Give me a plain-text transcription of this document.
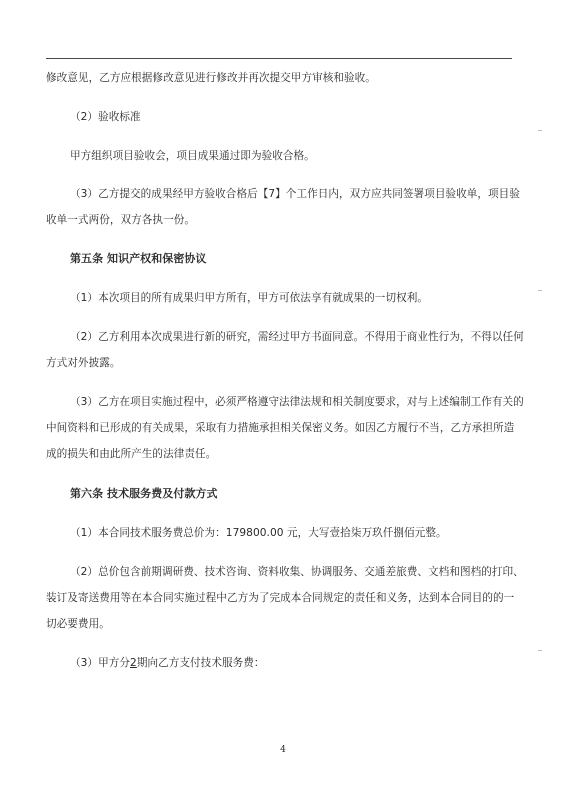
修改意见，乙方应根据修改意见进行修改并再次提交甲方审核和验收。
（2）验收标准
甲方组织项目验收会，项目成果通过即为验收合格。
（3）乙方提交的成果经甲方验收合格后【7】个工作日内，双方应共同签署项目验收单，项目验
收单一式两份，双方各执一份。
第五条 知识产权和保密协议
（1）本次项目的所有成果归甲方所有，甲方可依法享有就成果的一切权利。
（2）乙方利用本次成果进行新的研究，需经过甲方书面同意。不得用于商业性行为，不得以任何
方式对外披露。
（3）乙方在项目实施过程中，必须严格遵守法律法规和相关制度要求，对与上述编制工作有关的
中间资料和已形成的有关成果，采取有力措施承担相关保密义务。如因乙方履行不当，乙方承担所造
成的损失和由此所产生的法律责任。
第六条 技术服务费及付款方式
（1）本合同技术服务费总价为：179800.00 元，大写壹拾柒万玖仟捌佰元整。
（2）总价包含前期调研费、技术咨询、资料收集、协调服务、交通差旅费、文档和图档的打印、
装订及寄送费用等在本合同实施过程中乙方为了完成本合同规定的责任和义务，达到本合同目的的一
切必要费用。
（3）甲方分2期向乙方支付技术服务费：
4
